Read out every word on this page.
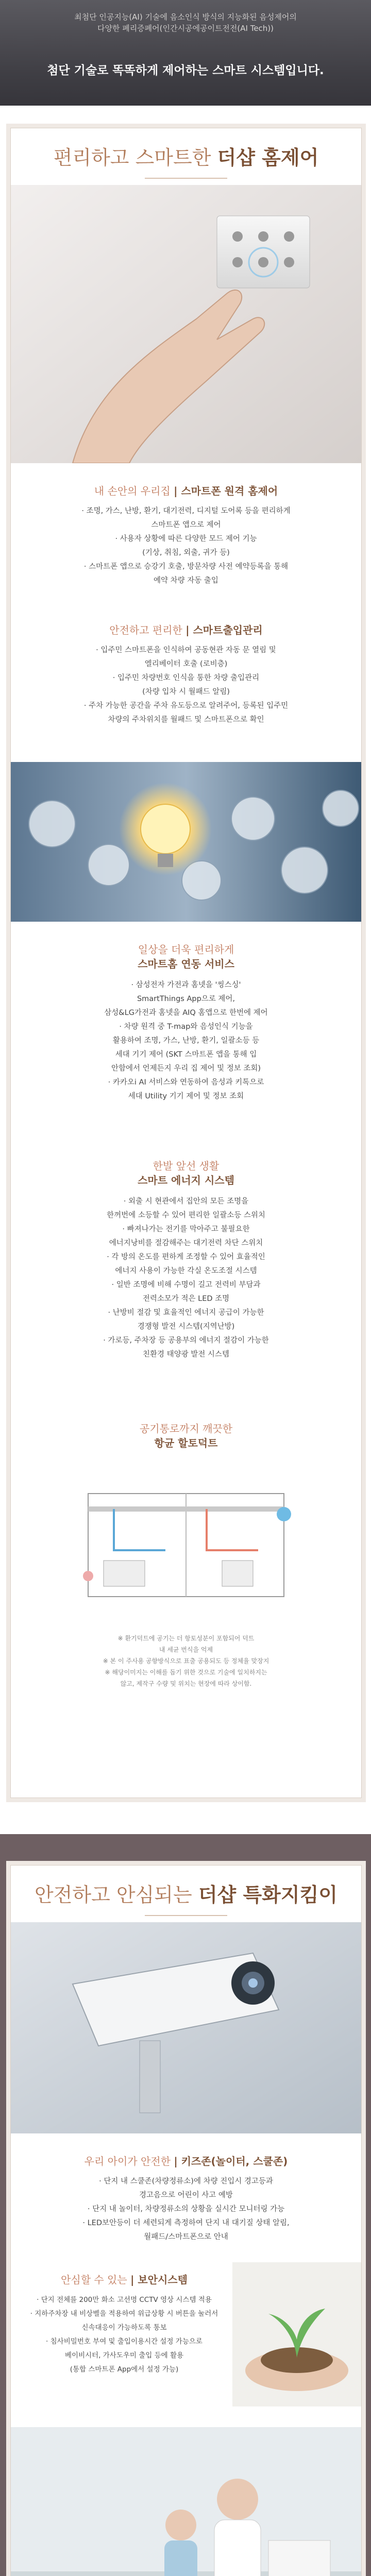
최첨단 인공지능(AI) 기술에 음소인식 방식의 지능화된 음성제어의
다양한 폐리증폐어(인간시공에공이트전전(AI Tech))

첨단 기술로 똑똑하게 제어하는 스마트 시스템입니다.
편리하고 스마트한 더샵 홈제어

내 손안의 우리집 | 스마트폰 원격 홈제어

· 조명, 가스, 난방, 환기, 대기전력, 디지털 도어록 등을 편리하게
스마트폰 앱으로 제어
· 사용자 상황에 따른 다양한 모드 제어 기능
(기상, 취침, 외출, 귀가 등)
· 스마트폰 앱으로 승강기 호출, 방문차량 사전 예약등록을 통해
예약 차량 자동 출입

안전하고 편리한 | 스마트출입관리

· 입주민 스마트폰을 인식하여 공동현관 자동 문 열림 및
엘리베이터 호출 (로비층)
· 입주민 차량번호 인식을 통한 차량 출입관리
(차량 입차 시 월패드 알림)
· 주차 가능한 공간을 주차 유도등으로 알려주어, 등록된 입주민
차량의 주차위치를 월패드 및 스마트폰으로 확인

일상을 더욱 편리하게
스마트홈 연동 서비스

· 삼성전자 가전과 홈넷을 '씽스싱'
SmartThings App으로 제어,
삼성&LG가전과 홈넷을 AIQ 홈앱으로 한번에 제어
· 차량 원격 중 T-map와 음성인식 기능을
활용하여 조명, 가스, 난방, 환기, 일괄소등 등
세대 기기 제어 (SKT 스마트폰 앱을 통해 입
안함에서 언제든지 우리 집 제어 및 정보 조회)
· 카카오i AI 서비스와 연동하여 음성과 키톡으로
세대 Utility 기기 제어 및 정보 조회

한발 앞선 생활
스마트 에너지 시스템

· 외출 시 현관에서 집안의 모든 조명을
한꺼번에 소등할 수 있어 편리한 일괄소등 스위치
· 빠져나가는 전기를 막아주고 불필요한
에너지낭비를 절감해주는 대기전력 차단 스위치
· 각 방의 온도를 편하게 조정할 수 있어 효율적인
에너지 사용이 가능한 각실 온도조절 시스템
· 일반 조명에 비해 수명이 길고 전력비 부담과
전력소모가 적은 LED 조명
· 난방비 절감 및 효율적인 에너지 공급이 가능한
경쟁형 발전 시스템(지역난방)
· 가로등, 주차장 등 공용부의 에너지 절감이 가능한
친환경 태양광 발전 시스템

공기통로까지 깨끗한
항균 할토덕트

※ 환기덕트에 공기는 더 항토성분이 포함되어 덕트
내 세균 번식을 억제
※ 본 이 주사용 공향방식으로 표출 공용되도 등 정체율 맞장지
※ 해당이미지는 이해를 돕기 위한 것으로 기술에 일치하지는
않고, 제작구 수량 및 위치는 현장에 따라 상이함.
안전하고 안심되는 더샵 특화지킴이

우리 아이가 안전한 | 키즈존(놀이터, 스쿨존)

· 단지 내 스쿨존(차량정류소)에 차량 진입시 경고등과
경고음으로 어린이 사고 예방
· 단지 내 놀이터, 차량정류소의 상황을 실시간 모니터링 가능
· LED보안등이 더 세련되게 측정하여 단지 내 대기질 상태 알림,
월패드/스마트폰으로 안내

안심할 수 있는 | 보안시스템

· 단지 전체를 200만 화소 고선명 CCTV 영상 시스템 적용
· 지하주차장 내 비상벨을 적용하여 위급상황 시 버튼을 눌러서
신속대응이 가능하도록 통보
· 침사비밀번호 부여 및 출입이용시간 설정 가능으로
베이비시터, 가사도우미 출입 등에 활용
(통합 스마트폰 App에서 설정 가능)
